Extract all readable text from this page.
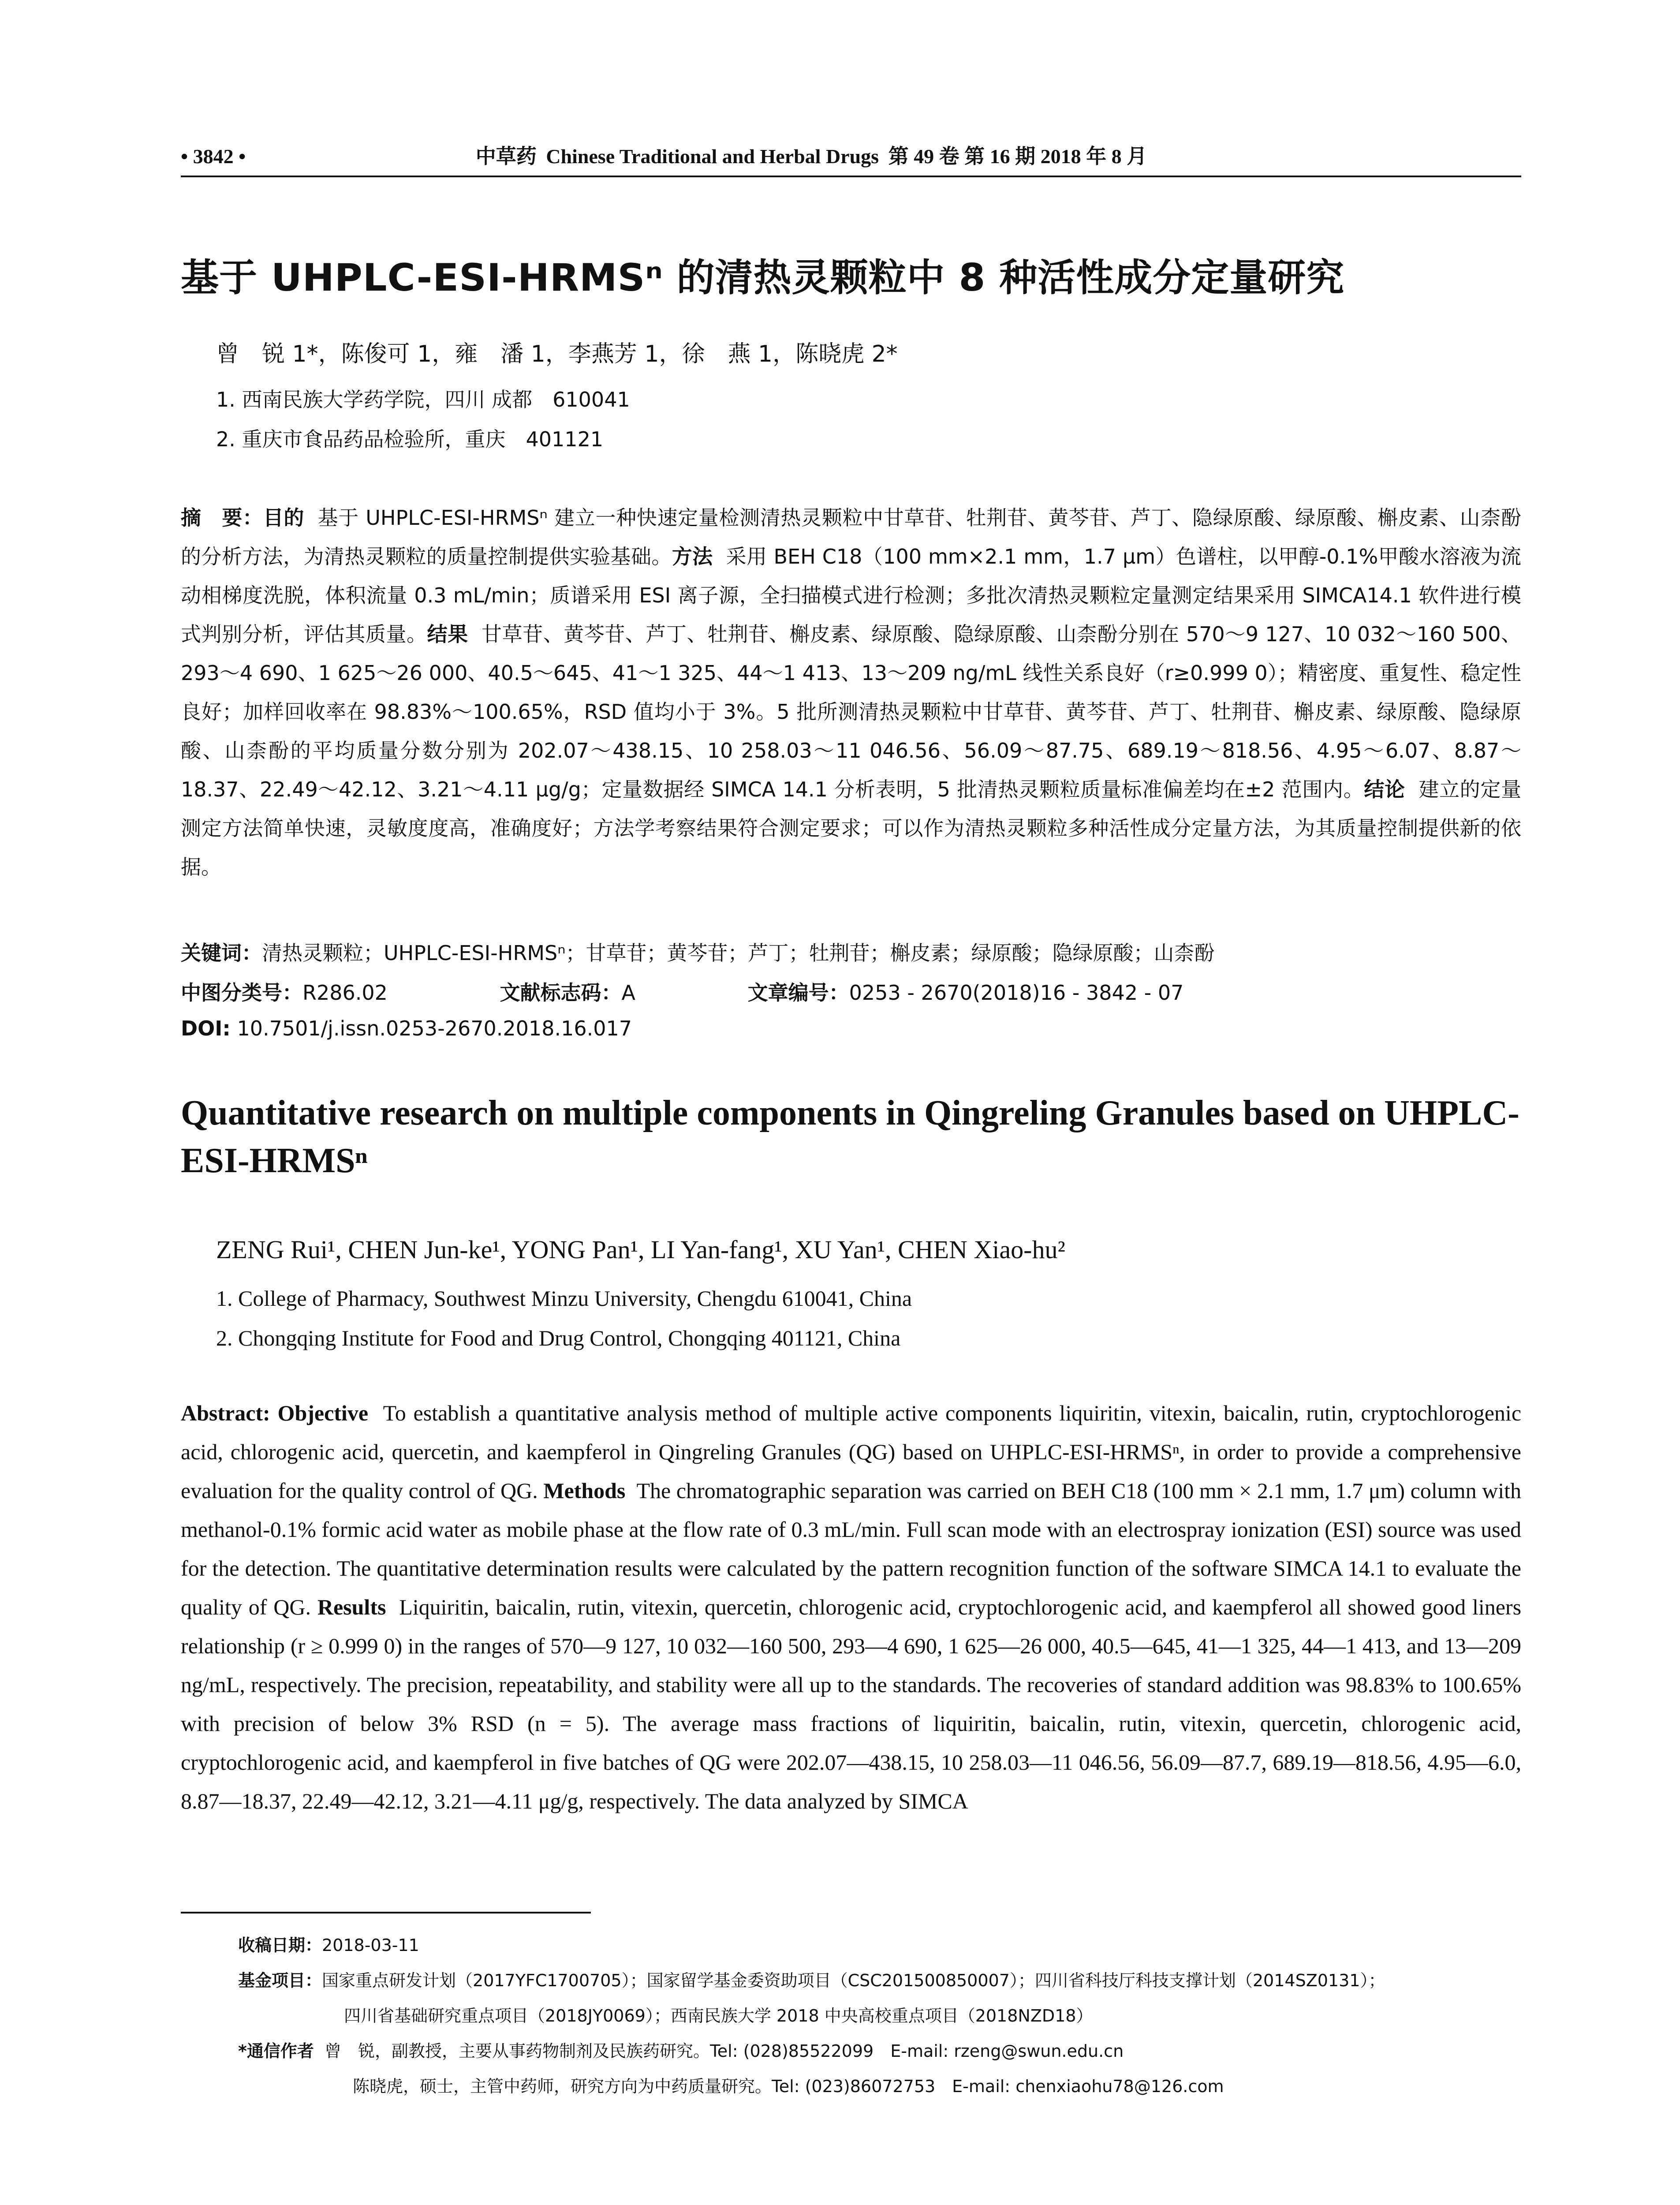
• 3842 •	中草药 Chinese Traditional and Herbal Drugs 第 49 卷 第 16 期 2018 年 8 月
基于 UHPLC-ESI-HRMSⁿ 的清热灵颗粒中 8 种活性成分定量研究
曾　锐 1*，陈俊可 1，雍　潘 1，李燕芳 1，徐　燕 1，陈晓虎 2*
1. 西南民族大学药学院，四川 成都　610041
2. 重庆市食品药品检验所，重庆　401121
摘　要：目的 基于 UHPLC-ESI-HRMSⁿ 建立一种快速定量检测清热灵颗粒中甘草苷、牡荆苷、黄芩苷、芦丁、隐绿原酸、绿原酸、槲皮素、山柰酚的分析方法，为清热灵颗粒的质量控制提供实验基础。方法 采用 BEH C18（100 mm×2.1 mm，1.7 μm）色谱柱，以甲醇-0.1%甲酸水溶液为流动相梯度洗脱，体积流量 0.3 mL/min；质谱采用 ESI 离子源，全扫描模式进行检测；多批次清热灵颗粒定量测定结果采用 SIMCA14.1 软件进行模式判别分析，评估其质量。结果 甘草苷、黄芩苷、芦丁、牡荆苷、槲皮素、绿原酸、隐绿原酸、山柰酚分别在 570～9 127、10 032～160 500、293～4 690、1 625～26 000、40.5～645、41～1 325、44～1 413、13～209 ng/mL 线性关系良好（r≥0.999 0）；精密度、重复性、稳定性良好；加样回收率在 98.83%～100.65%，RSD 值均小于 3%。5 批所测清热灵颗粒中甘草苷、黄芩苷、芦丁、牡荆苷、槲皮素、绿原酸、隐绿原酸、山柰酚的平均质量分数分别为 202.07～438.15、10 258.03～11 046.56、56.09～87.75、689.19～818.56、4.95～6.07、8.87～18.37、22.49～42.12、3.21～4.11 μg/g；定量数据经 SIMCA 14.1 分析表明，5 批清热灵颗粒质量标准偏差均在±2 范围内。结论 建立的定量测定方法简单快速，灵敏度度高，准确度好；方法学考察结果符合测定要求；可以作为清热灵颗粒多种活性成分定量方法，为其质量控制提供新的依据。
关键词：清热灵颗粒；UHPLC-ESI-HRMSⁿ；甘草苷；黄芩苷；芦丁；牡荆苷；槲皮素；绿原酸；隐绿原酸；山柰酚
中图分类号：R286.02	文献标志码：A	文章编号：0253 - 2670(2018)16 - 3842 - 07
DOI: 10.7501/j.issn.0253-2670.2018.16.017
Quantitative research on multiple components in Qingreling Granules based on UHPLC-ESI-HRMSⁿ
ZENG Rui¹, CHEN Jun-ke¹, YONG Pan¹, LI Yan-fang¹, XU Yan¹, CHEN Xiao-hu²
1. College of Pharmacy, Southwest Minzu University, Chengdu 610041, China
2. Chongqing Institute for Food and Drug Control, Chongqing 401121, China
Abstract: Objective To establish a quantitative analysis method of multiple active components liquiritin, vitexin, baicalin, rutin, cryptochlorogenic acid, chlorogenic acid, quercetin, and kaempferol in Qingreling Granules (QG) based on UHPLC-ESI-HRMSⁿ, in order to provide a comprehensive evaluation for the quality control of QG. Methods The chromatographic separation was carried on BEH C18 (100 mm × 2.1 mm, 1.7 μm) column with methanol-0.1% formic acid water as mobile phase at the flow rate of 0.3 mL/min. Full scan mode with an electrospray ionization (ESI) source was used for the detection. The quantitative determination results were calculated by the pattern recognition function of the software SIMCA 14.1 to evaluate the quality of QG. Results Liquiritin, baicalin, rutin, vitexin, quercetin, chlorogenic acid, cryptochlorogenic acid, and kaempferol all showed good liners relationship (r ≥ 0.999 0) in the ranges of 570—9 127, 10 032—160 500, 293—4 690, 1 625—26 000, 40.5—645, 41—1 325, 44—1 413, and 13—209 ng/mL, respectively. The precision, repeatability, and stability were all up to the standards. The recoveries of standard addition was 98.83% to 100.65% with precision of below 3% RSD (n = 5). The average mass fractions of liquiritin, baicalin, rutin, vitexin, quercetin, chlorogenic acid, cryptochlorogenic acid, and kaempferol in five batches of QG were 202.07—438.15, 10 258.03—11 046.56, 56.09—87.7, 689.19—818.56, 4.95—6.0, 8.87—18.37, 22.49—42.12, 3.21—4.11 μg/g, respectively. The data analyzed by SIMCA
收稿日期：2018-03-11
基金项目：国家重点研发计划（2017YFC1700705）；国家留学基金委资助项目（CSC201500850007）；四川省科技厅科技支撑计划（2014SZ0131）；
四川省基础研究重点项目（2018JY0069）；西南民族大学 2018 中央高校重点项目（2018NZD18）
*通信作者 曾　锐，副教授，主要从事药物制剂及民族药研究。Tel: (028)85522099　E-mail: rzeng@swun.edu.cn
陈晓虎，硕士，主管中药师，研究方向为中药质量研究。Tel: (023)86072753　E-mail: chenxiaohu78@126.com
